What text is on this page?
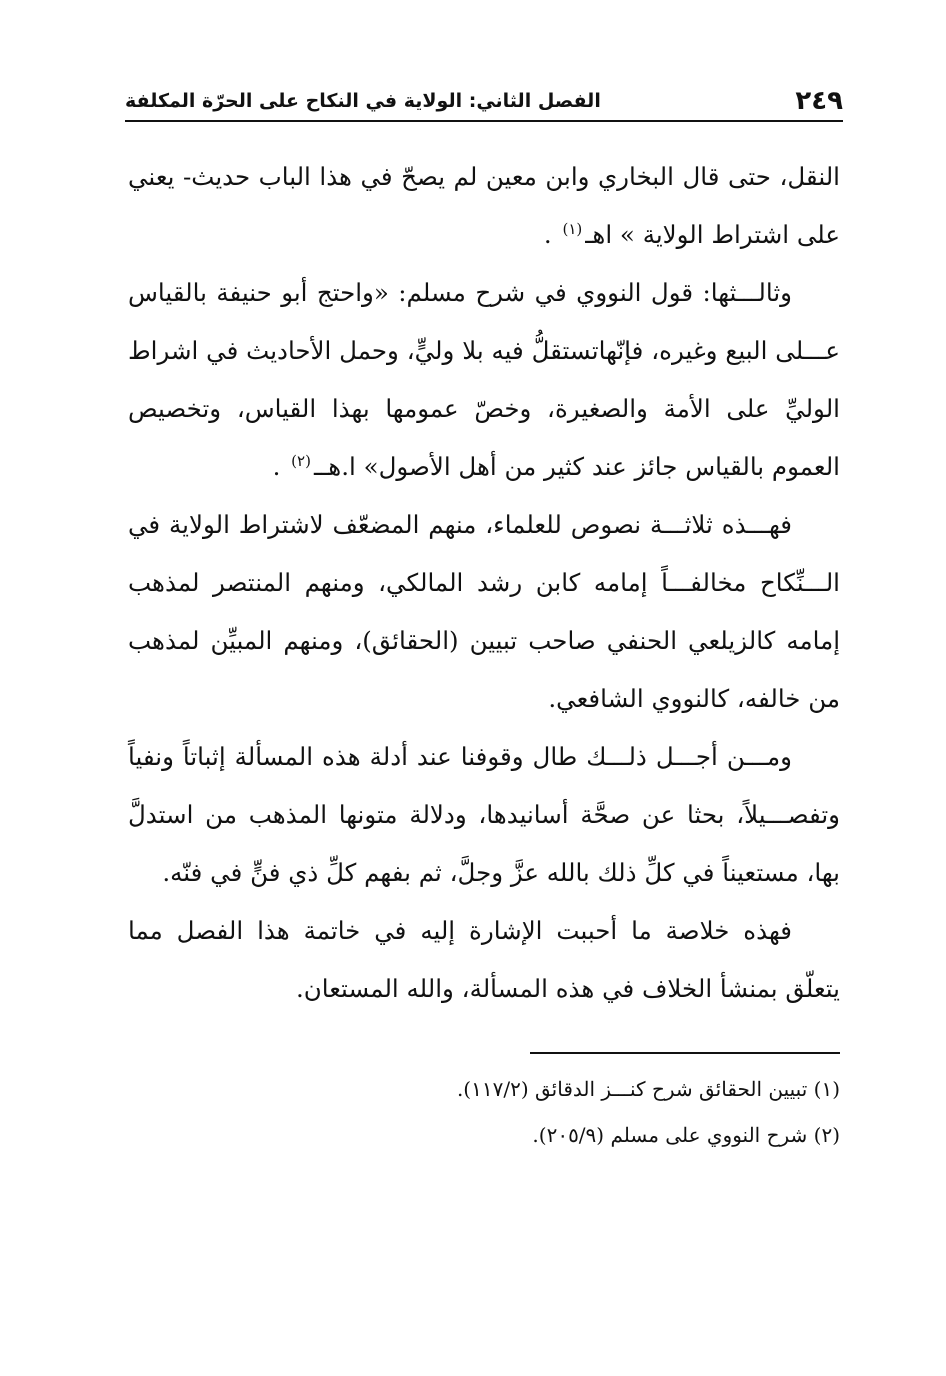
٢٤٩
الفصل الثاني: الولاية في النكاح على الحرّة المكلفة

النقل، حتى قال البخاري وابن معين لم يصحّ في هذا الباب حديث- يعني على اشتراط الولاية » اهـ$^{(١)}$ .

وثالـــثها: قول النووي في شرح مسلم: «واحتج أبو حنيفة بالقياس عـــلى البيع وغيره، فإنّهاتستقلُّ فيه بلا وليٍّ، وحمل الأحاديث في اشراط الوليِّ على الأمة والصغيرة، وخصّ عمومها بهذا القياس، وتخصيص العموم بالقياس جائز عند كثير من أهل الأصول» ا.هــ$^{(٢)}$ .

فهـــذه ثلاثـــة نصوص للعلماء، منهم المضعّف لاشتراط الولاية في الـــنِّكاح مخالفـــاً إمامه كابن رشد المالكي، ومنهم المنتصر لمذهب إمامه كالزيلعي الحنفي صاحب تبيين (الحقائق)، ومنهم المبيِّن لمذهب من خالفه، كالنووي الشافعي.

ومـــن أجـــل ذلـــك طال وقوفنا عند أدلة هذه المسألة إثباتاً ونفياً وتفصـــيلاً، بحثا عن صحَّة أسانيدها، ودلالة متونها المذهب من استدلَّ بها، مستعيناً في كلِّ ذلك بالله عزَّ وجلَّ، ثم بفهم كلِّ ذي فنٍّ في فنّه.

فهذه خلاصة ما أحببت الإشارة إليه في خاتمة هذا الفصل مما يتعلّق بمنشأ الخلاف في هذه المسألة، والله المستعان.

(١) تبيين الحقائق شرح كنـــز الدقائق (١١٧/٢).

(٢) شرح النووي على مسلم (٢٠٥/٩).
